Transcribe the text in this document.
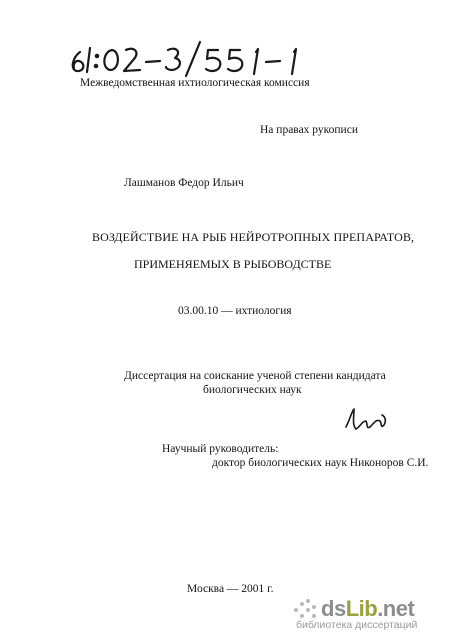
Межведомственная ихтиологическая комиссия
На правах рукописи
Лашманов Федор Ильич
ВОЗДЕЙСТВИЕ НА РЫБ НЕЙРОТРОПНЫХ ПРЕПАРАТОВ,
ПРИМЕНЯЕМЫХ В РЫБОВОДСТВЕ
03.00.10 — ихтиология
Диссертация на соискание ученой степени кандидата
биологических наук
Научный руководитель:
доктор биологических наук Никоноров С.И.
Москва — 2001 г.
dsLib.net
библиотека диссертаций
